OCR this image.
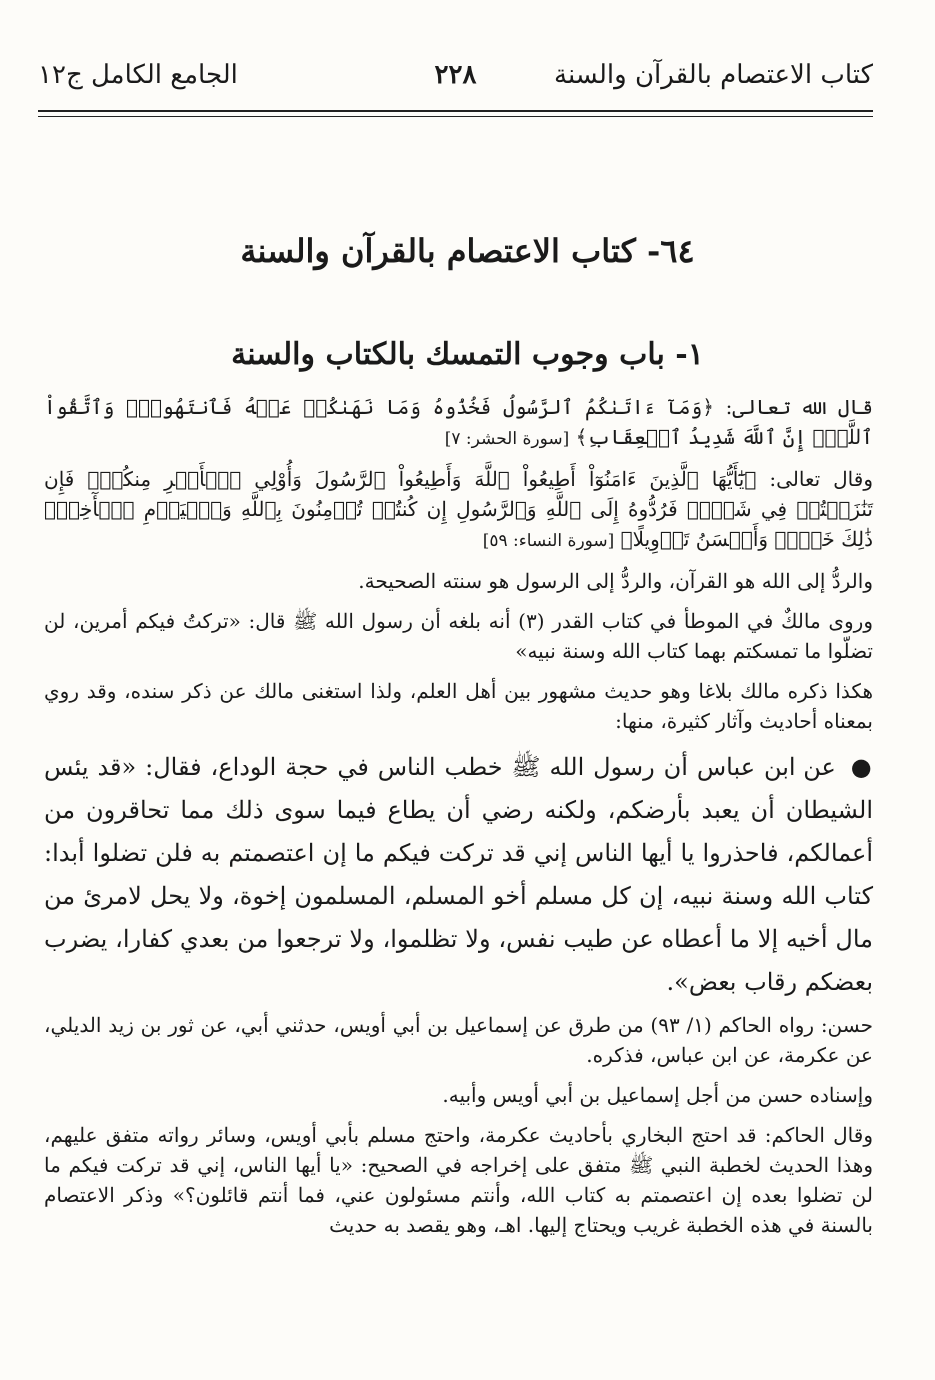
كتاب الاعتصام بالقرآن والسنة
٢٢٨
الجامع الكامل ج١٢
٦٤- كتاب الاعتصام بالقرآن والسنة
١- باب وجوب التمسك بالكتاب والسنة

قال الله تعالى: ﴿وَمَآ ءَاتَىٰكُمُ ٱلرَّسُولُ فَخُذُوهُ وَمَا نَهَىٰكُمۡ عَنۡهُ فَٱنتَهُواْۚ وَٱتَّقُواْ ٱللَّهَۖ إِنَّ ٱللَّهَ شَدِيدُ ٱلۡعِقَابِ﴾ [سورة الحشر: ٧]

وقال تعالى: ﴿يَٰٓأَيُّهَا ٱلَّذِينَ ءَامَنُوٓاْ أَطِيعُواْ ٱللَّهَ وَأَطِيعُواْ ٱلرَّسُولَ وَأُوْلِي ٱلۡأَمۡرِ مِنكُمۡۖ فَإِن تَنَٰزَعۡتُمۡ فِي شَيۡءٖ فَرُدُّوهُ إِلَى ٱللَّهِ وَٱلرَّسُولِ إِن كُنتُمۡ تُؤۡمِنُونَ بِٱللَّهِ وَٱلۡيَوۡمِ ٱلۡأٓخِرِۚ ذَٰلِكَ خَيۡرٞ وَأَحۡسَنُ تَأۡوِيلًا﴾ [سورة النساء: ٥٩]

والردُّ إلى الله هو القرآن، والردُّ إلى الرسول هو سنته الصحيحة.

وروى مالكٌ في الموطأ في كتاب القدر (٣) أنه بلغه أن رسول الله ﷺ قال: «تركتُ فيكم أمرين، لن تضلّوا ما تمسكتم بهما كتاب الله وسنة نبيه»

هكذا ذكره مالك بلاغا وهو حديث مشهور بين أهل العلم، ولذا استغنى مالك عن ذكر سنده، وقد روي بمعناه أحاديث وآثار كثيرة، منها:

● عن ابن عباس أن رسول الله ﷺ خطب الناس في حجة الوداع، فقال: «قد يئس الشيطان أن يعبد بأرضكم، ولكنه رضي أن يطاع فيما سوى ذلك مما تحاقرون من أعمالكم، فاحذروا يا أيها الناس إني قد تركت فيكم ما إن اعتصمتم به فلن تضلوا أبدا: كتاب الله وسنة نبيه، إن كل مسلم أخو المسلم، المسلمون إخوة، ولا يحل لامرئ من مال أخيه إلا ما أعطاه عن طيب نفس، ولا تظلموا، ولا ترجعوا من بعدي كفارا، يضرب بعضكم رقاب بعض».

حسن: رواه الحاكم (١/ ٩٣) من طرق عن إسماعيل بن أبي أويس، حدثني أبي، عن ثور بن زيد الديلي، عن عكرمة، عن ابن عباس، فذكره.

وإسناده حسن من أجل إسماعيل بن أبي أويس وأبيه.

وقال الحاكم: قد احتج البخاري بأحاديث عكرمة، واحتج مسلم بأبي أويس، وسائر رواته متفق عليهم، وهذا الحديث لخطبة النبي ﷺ متفق على إخراجه في الصحيح: «يا أيها الناس، إني قد تركت فيكم ما لن تضلوا بعده إن اعتصمتم به كتاب الله، وأنتم مسئولون عني، فما أنتم قائلون؟» وذكر الاعتصام بالسنة في هذه الخطبة غريب ويحتاج إليها. اهـ، وهو يقصد به حديث
